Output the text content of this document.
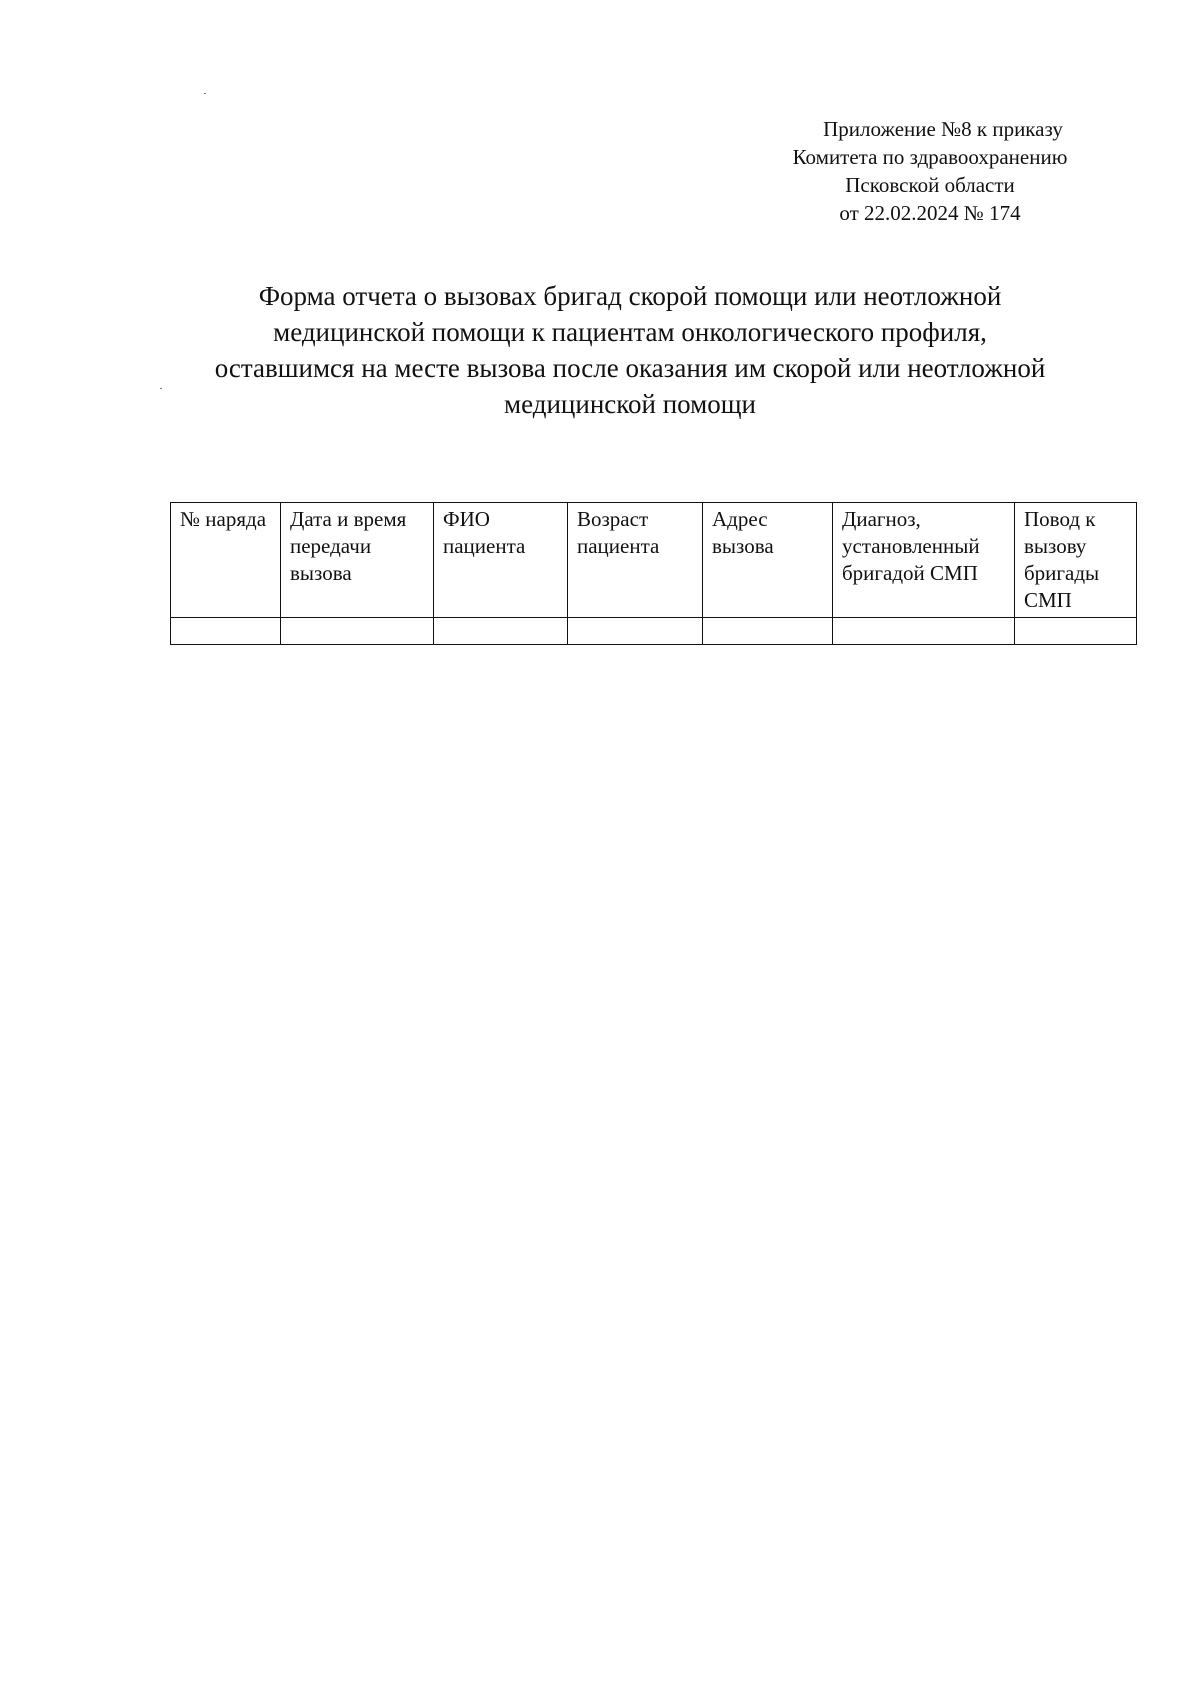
Приложение №8 к приказу
Комитета по здравоохранению
Псковской области
от 22.02.2024 № 174
Форма отчета о вызовах бригад скорой помощи или неотложной
медицинской помощи к пациентам онкологического профиля,
оставшимся на месте вызова после оказания им скорой или неотложной
медицинской помощи
№ наряда	Дата и время передачи вызова	ФИО пациента	Возраст пациента	Адрес вызова	Диагноз, установленный бригадой СМП	Повод к вызову бригады СМП
